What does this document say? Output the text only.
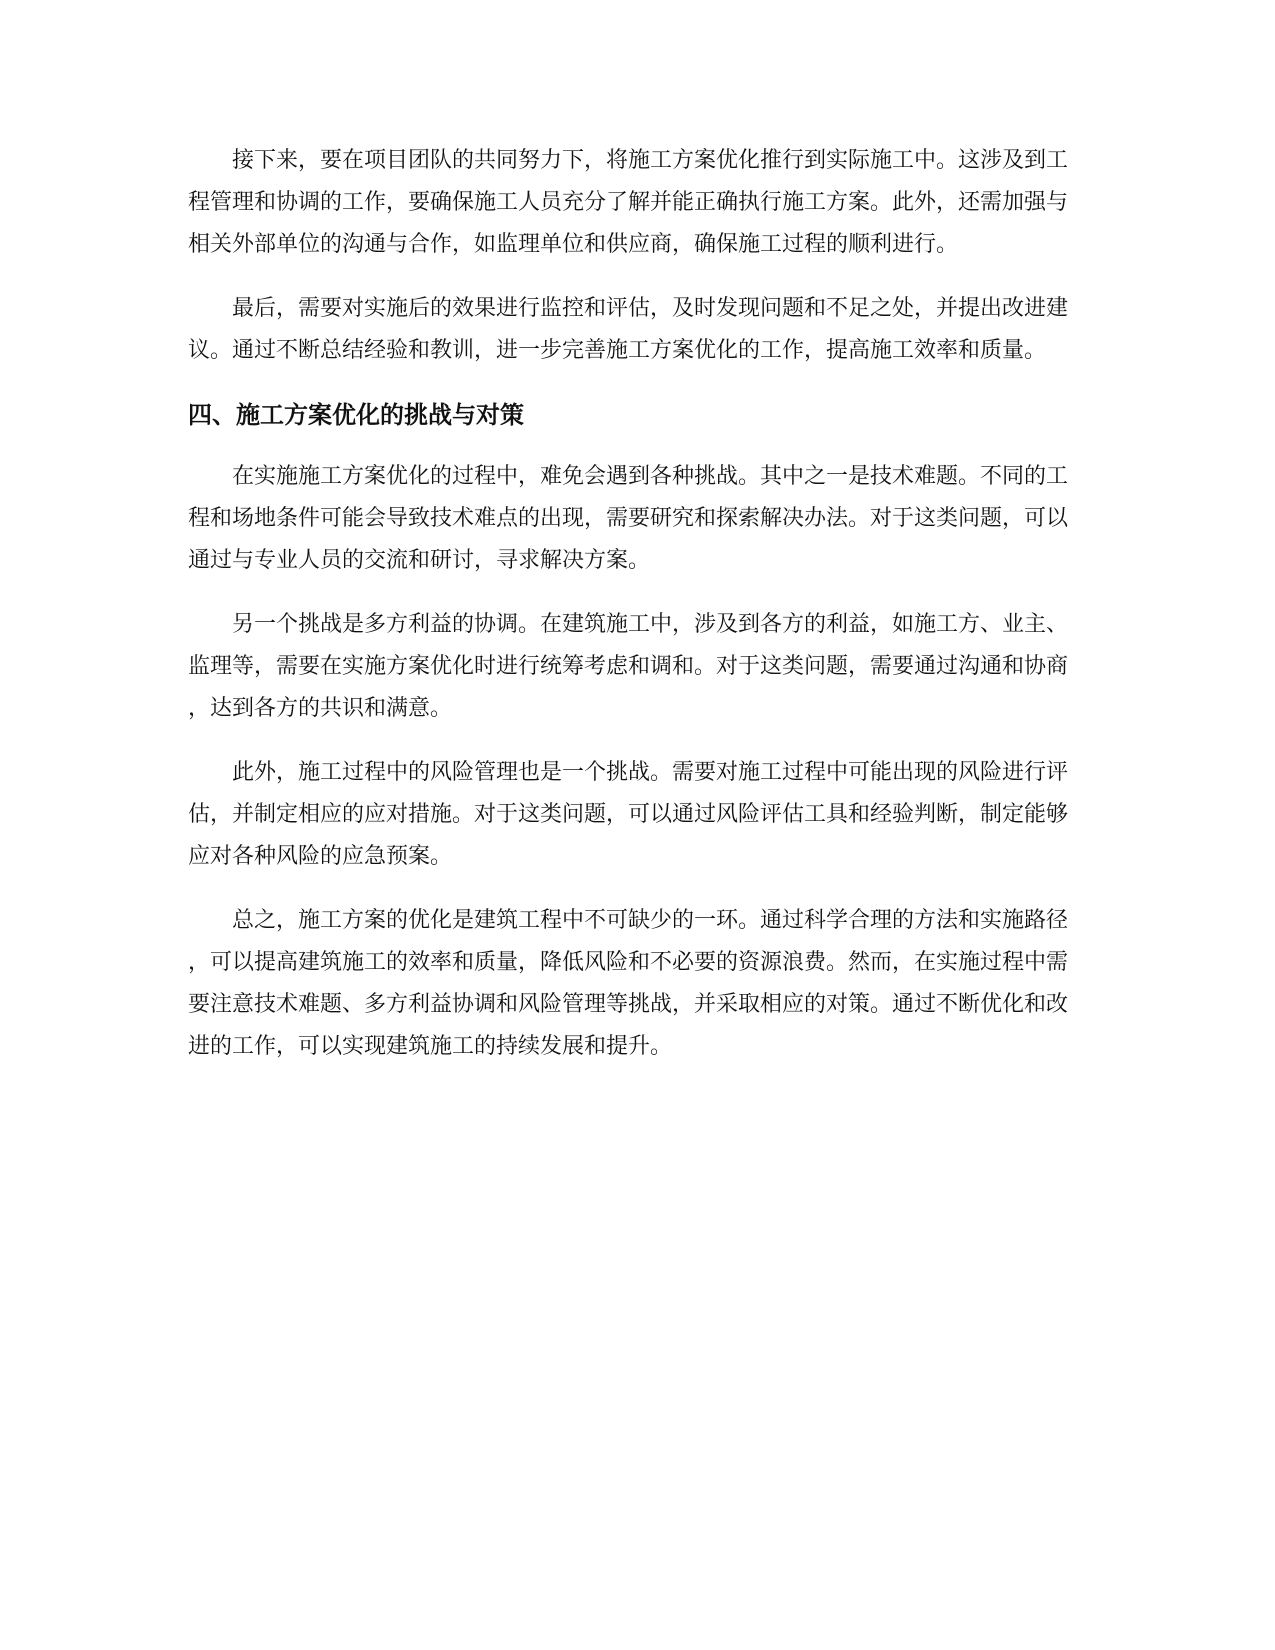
接下来，要在项目团队的共同努力下，将施工方案优化推行到实际施工中。这涉及到工程管理和协调的工作，要确保施工人员充分了解并能正确执行施工方案。此外，还需加强与相关外部单位的沟通与合作，如监理单位和供应商，确保施工过程的顺利进行。

最后，需要对实施后的效果进行监控和评估，及时发现问题和不足之处，并提出改进建议。通过不断总结经验和教训，进一步完善施工方案优化的工作，提高施工效率和质量。

四、施工方案优化的挑战与对策

在实施施工方案优化的过程中，难免会遇到各种挑战。其中之一是技术难题。不同的工程和场地条件可能会导致技术难点的出现，需要研究和探索解决办法。对于这类问题，可以通过与专业人员的交流和研讨，寻求解决方案。

另一个挑战是多方利益的协调。在建筑施工中，涉及到各方的利益，如施工方、业主、监理等，需要在实施方案优化时进行统筹考虑和调和。对于这类问题，需要通过沟通和协商，达到各方的共识和满意。

此外，施工过程中的风险管理也是一个挑战。需要对施工过程中可能出现的风险进行评估，并制定相应的应对措施。对于这类问题，可以通过风险评估工具和经验判断，制定能够应对各种风险的应急预案。

总之，施工方案的优化是建筑工程中不可缺少的一环。通过科学合理的方法和实施路径，可以提高建筑施工的效率和质量，降低风险和不必要的资源浪费。然而，在实施过程中需要注意技术难题、多方利益协调和风险管理等挑战，并采取相应的对策。通过不断优化和改进的工作，可以实现建筑施工的持续发展和提升。
